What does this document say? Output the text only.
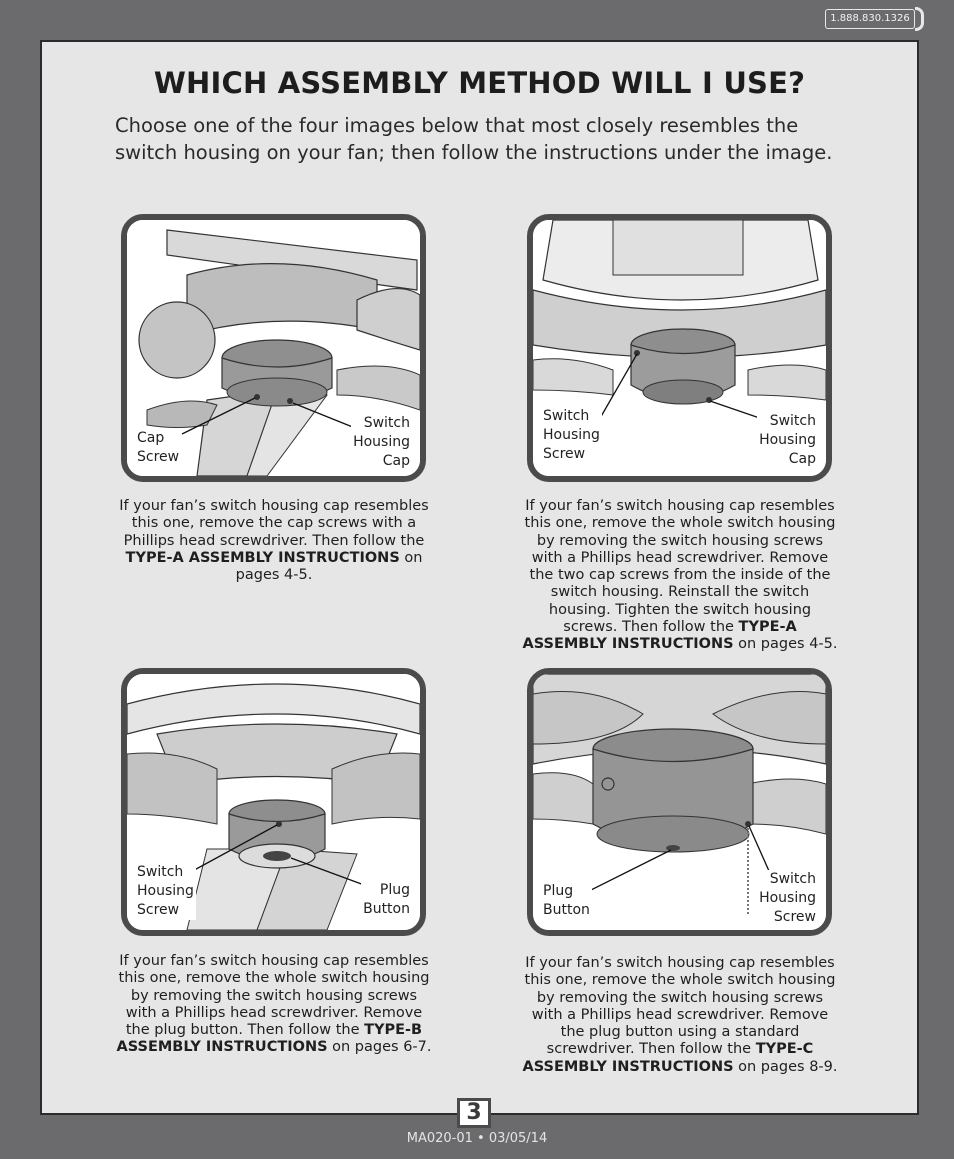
1.888.830.1326
WHICH ASSEMBLY METHOD WILL I USE?
Choose one of the four images below that most closely resembles the switch housing on your fan; then follow the instructions under the image.
Cap
Screw
Switch
Housing
Cap
If your fan’s switch housing cap resembles this one, remove the cap screws with a Phillips head screwdriver. Then follow the TYPE-A ASSEMBLY INSTRUCTIONS on pages 4-5.
Switch
Housing
Screw
Switch
Housing
Cap
If your fan’s switch housing cap resembles this one, remove the whole switch housing by removing the switch housing screws with a Phillips head screwdriver. Remove the two cap screws from the inside of the switch housing. Reinstall the switch housing. Tighten the switch housing screws. Then follow the TYPE-A ASSEMBLY INSTRUCTIONS on pages 4-5.
Switch
Housing
Screw
Plug
Button
If your fan’s switch housing cap resembles this one, remove the whole switch housing by removing the switch housing screws with a Phillips head screwdriver. Remove the plug button. Then follow the TYPE-B ASSEMBLY INSTRUCTIONS on pages 6-7.
Plug
Button
Switch
Housing
Screw
If your fan’s switch housing cap resembles this one, remove the whole switch housing by removing the switch housing screws with a Phillips head screwdriver. Remove the plug button using a standard screwdriver. Then follow the TYPE-C ASSEMBLY INSTRUCTIONS on pages 8-9.
3
MA020-01 • 03/05/14
